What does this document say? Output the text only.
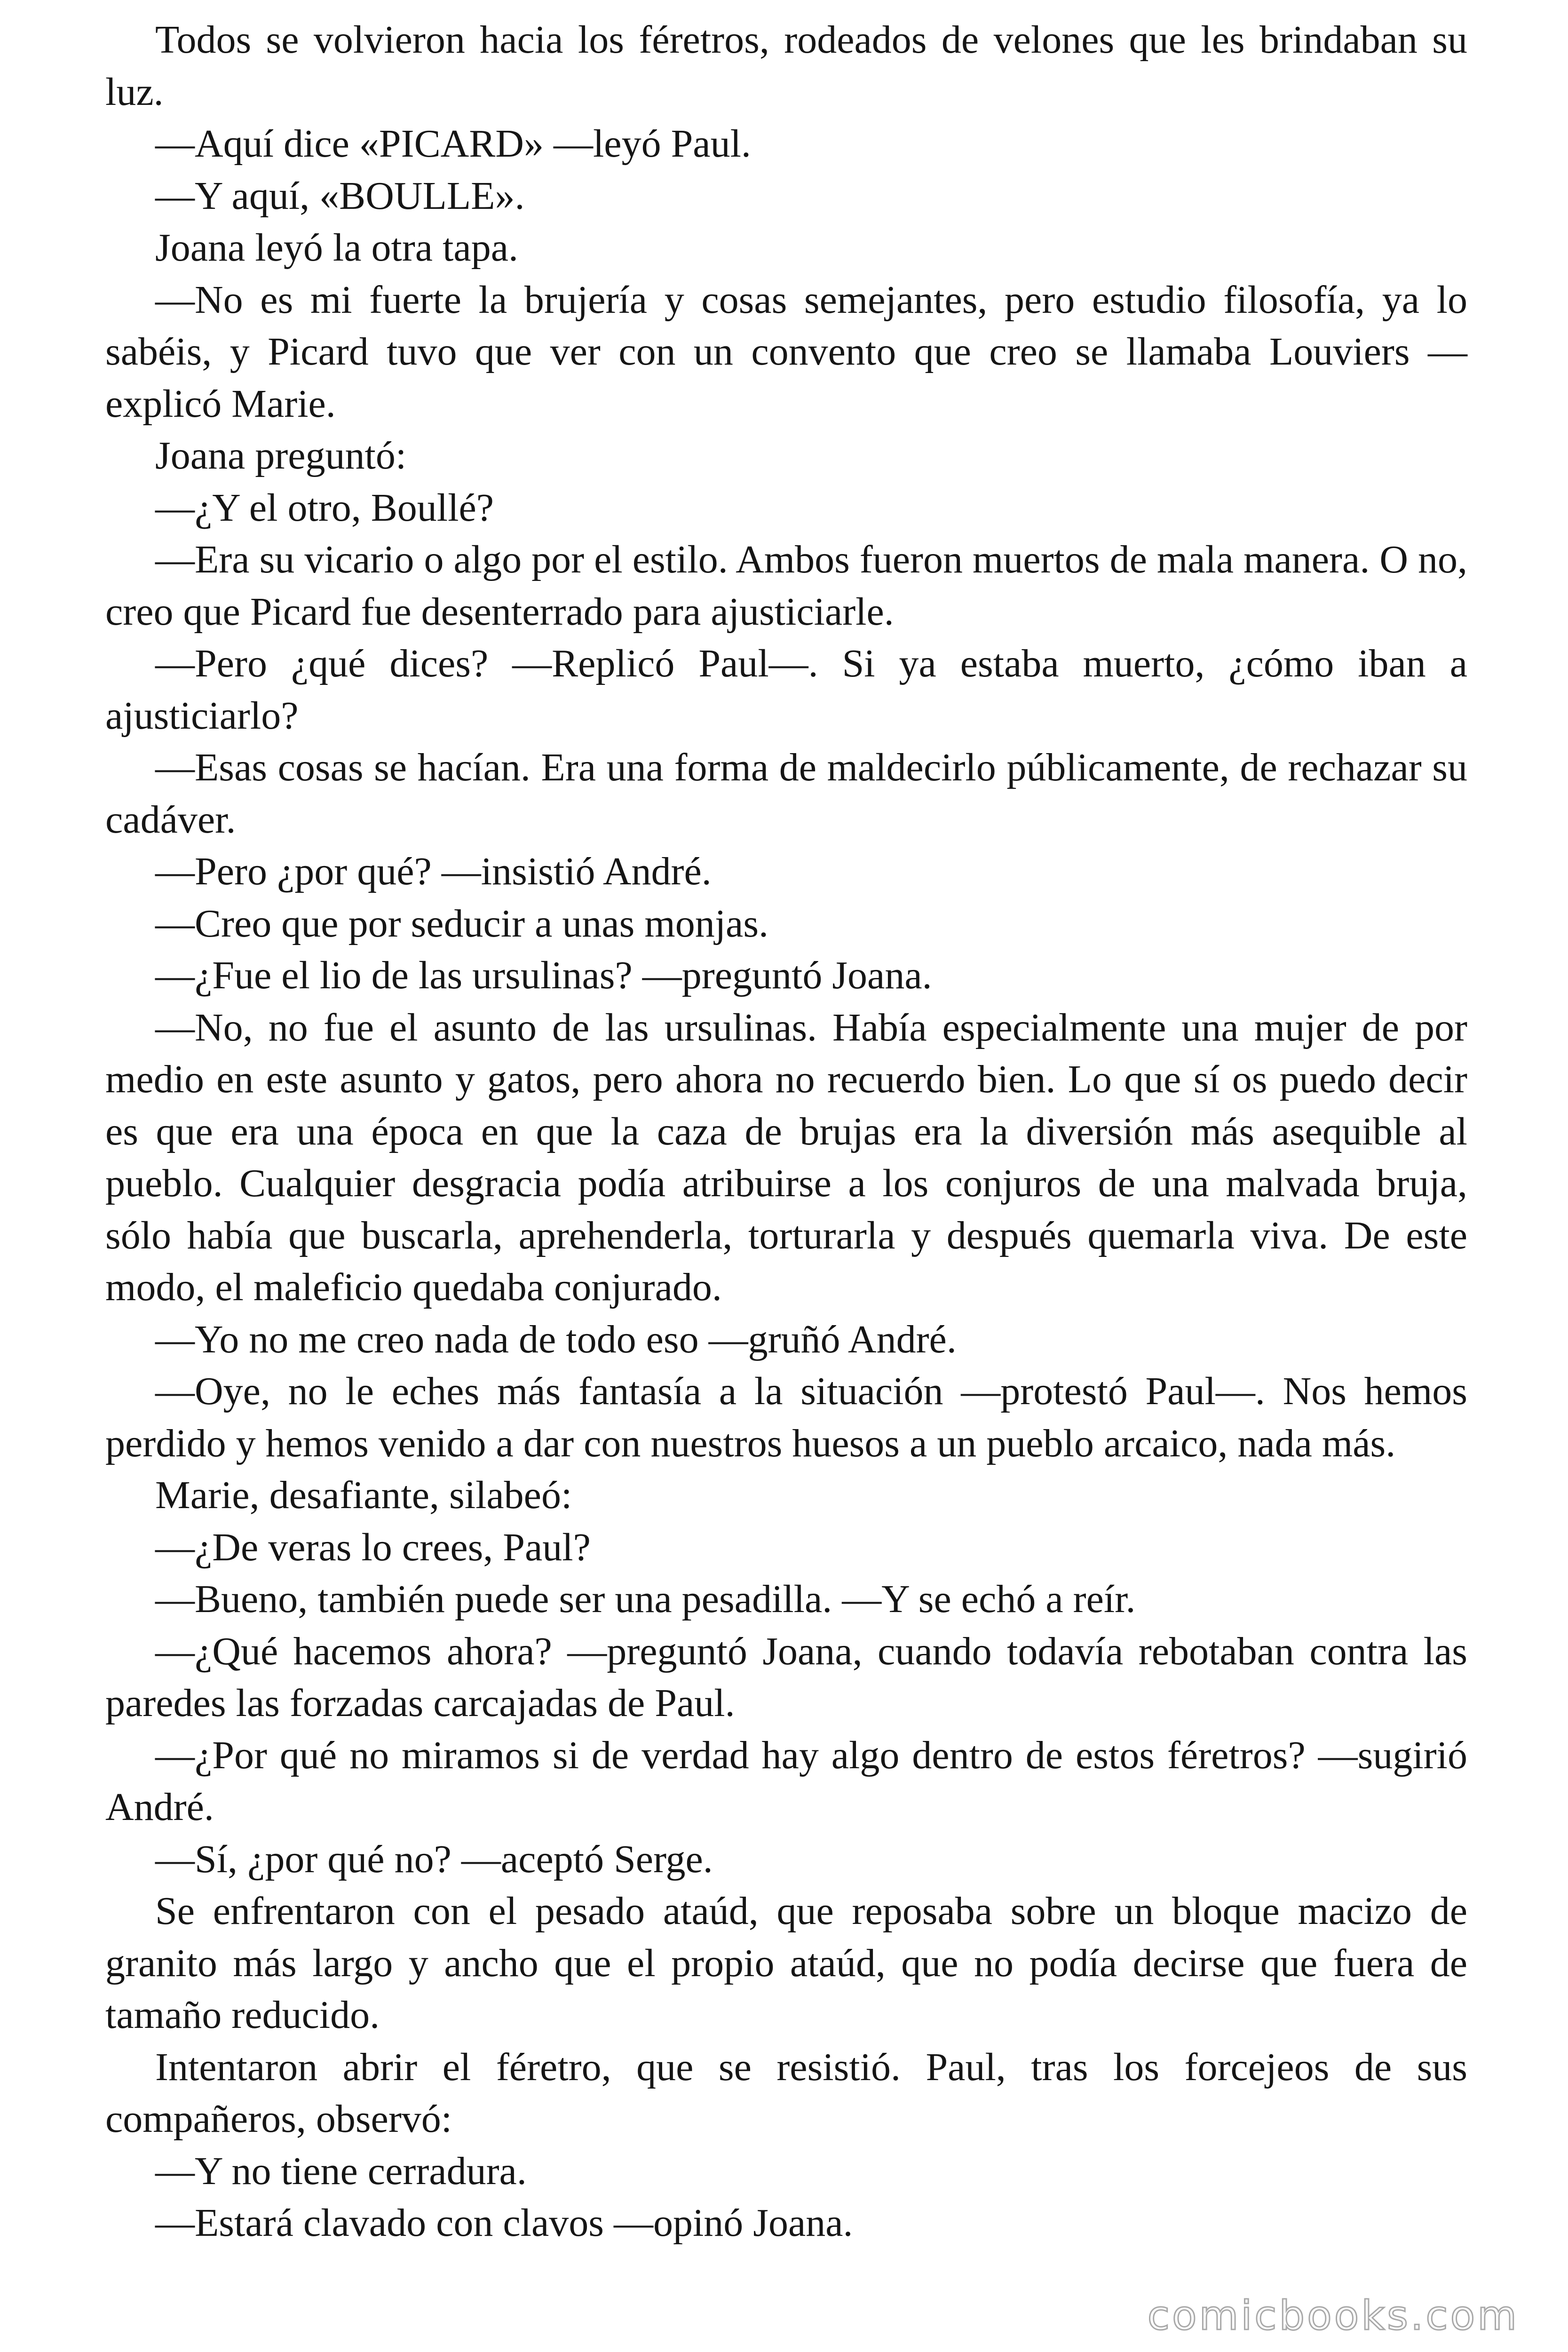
Todos se volvieron hacia los féretros, rodeados de velones que les brindaban su luz.

—Aquí dice «PICARD» —leyó Paul.

—Y aquí, «BOULLE».

Joana leyó la otra tapa.

—No es mi fuerte la brujería y cosas semejantes, pero estudio filosofía, ya lo sabéis, y Picard tuvo que ver con un convento que creo se llamaba Louviers —explicó Marie.

Joana preguntó:

—¿Y el otro, Boullé?

—Era su vicario o algo por el estilo. Ambos fueron muertos de mala manera. O no, creo que Picard fue desenterrado para ajusticiarle.

—Pero ¿qué dices? —Replicó Paul—. Si ya estaba muerto, ¿cómo iban a ajusticiarlo?

—Esas cosas se hacían. Era una forma de maldecirlo públicamente, de rechazar su cadáver.

—Pero ¿por qué? —insistió André.

—Creo que por seducir a unas monjas.

—¿Fue el lio de las ursulinas? —preguntó Joana.

—No, no fue el asunto de las ursulinas. Había especialmente una mujer de por medio en este asunto y gatos, pero ahora no recuerdo bien. Lo que sí os puedo decir es que era una época en que la caza de brujas era la diversión más asequible al pueblo. Cualquier desgracia podía atribuirse a los conjuros de una malvada bruja, sólo había que buscarla, aprehenderla, torturarla y después quemarla viva. De este modo, el maleficio quedaba conjurado.

—Yo no me creo nada de todo eso —gruñó André.

—Oye, no le eches más fantasía a la situación —protestó Paul—. Nos hemos perdido y hemos venido a dar con nuestros huesos a un pueblo arcaico, nada más.

Marie, desafiante, silabeó:

—¿De veras lo crees, Paul?

—Bueno, también puede ser una pesadilla. —Y se echó a reír.

—¿Qué hacemos ahora? —preguntó Joana, cuando todavía rebotaban contra las paredes las forzadas carcajadas de Paul.

—¿Por qué no miramos si de verdad hay algo dentro de estos féretros? —sugirió André.

—Sí, ¿por qué no? —aceptó Serge.

Se enfrentaron con el pesado ataúd, que reposaba sobre un bloque macizo de granito más largo y ancho que el propio ataúd, que no podía decirse que fuera de tamaño reducido.

Intentaron abrir el féretro, que se resistió. Paul, tras los forcejeos de sus compañeros, observó:

—Y no tiene cerradura.

—Estará clavado con clavos —opinó Joana.

comicbooks.com
